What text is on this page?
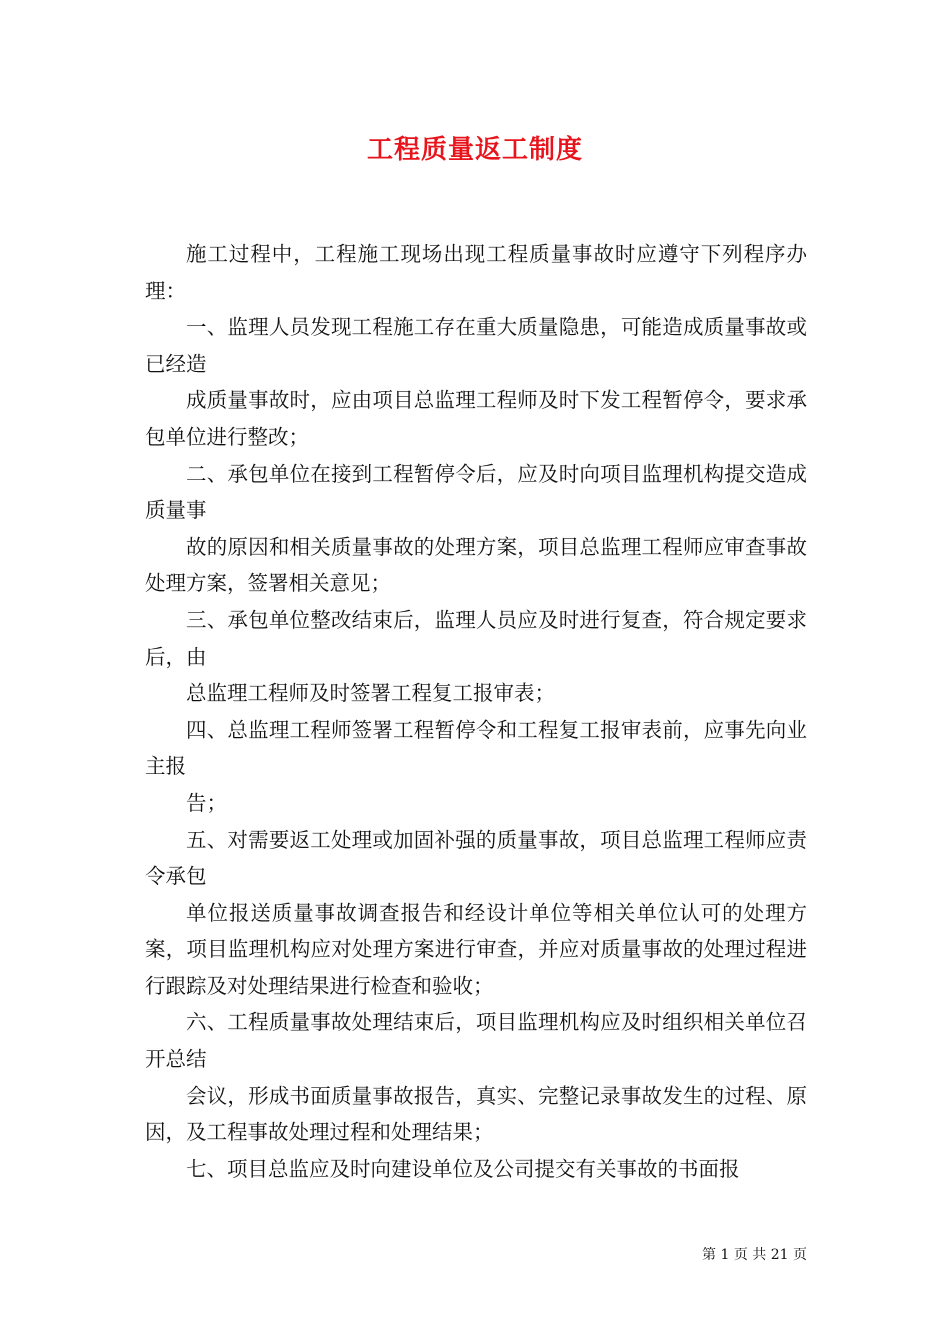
工程质量返工制度

施工过程中，工程施工现场出现工程质量事故时应遵守下列程序办理：

一、监理人员发现工程施工存在重大质量隐患，可能造成质量事故或已经造

成质量事故时，应由项目总监理工程师及时下发工程暂停令，要求承包单位进行整改；

二、承包单位在接到工程暂停令后，应及时向项目监理机构提交造成质量事

故的原因和相关质量事故的处理方案，项目总监理工程师应审查事故处理方案，签署相关意见；

三、承包单位整改结束后，监理人员应及时进行复查，符合规定要求后，由

总监理工程师及时签署工程复工报审表；

四、总监理工程师签署工程暂停令和工程复工报审表前，应事先向业主报

告；

五、对需要返工处理或加固补强的质量事故，项目总监理工程师应责令承包

单位报送质量事故调查报告和经设计单位等相关单位认可的处理方案，项目监理机构应对处理方案进行审查，并应对质量事故的处理过程进行跟踪及对处理结果进行检查和验收；

六、工程质量事故处理结束后，项目监理机构应及时组织相关单位召开总结

会议，形成书面质量事故报告，真实、完整记录事故发生的过程、原因，及工程事故处理过程和处理结果；

七、项目总监应及时向建设单位及公司提交有关事故的书面报

第 1 页 共 21 页
